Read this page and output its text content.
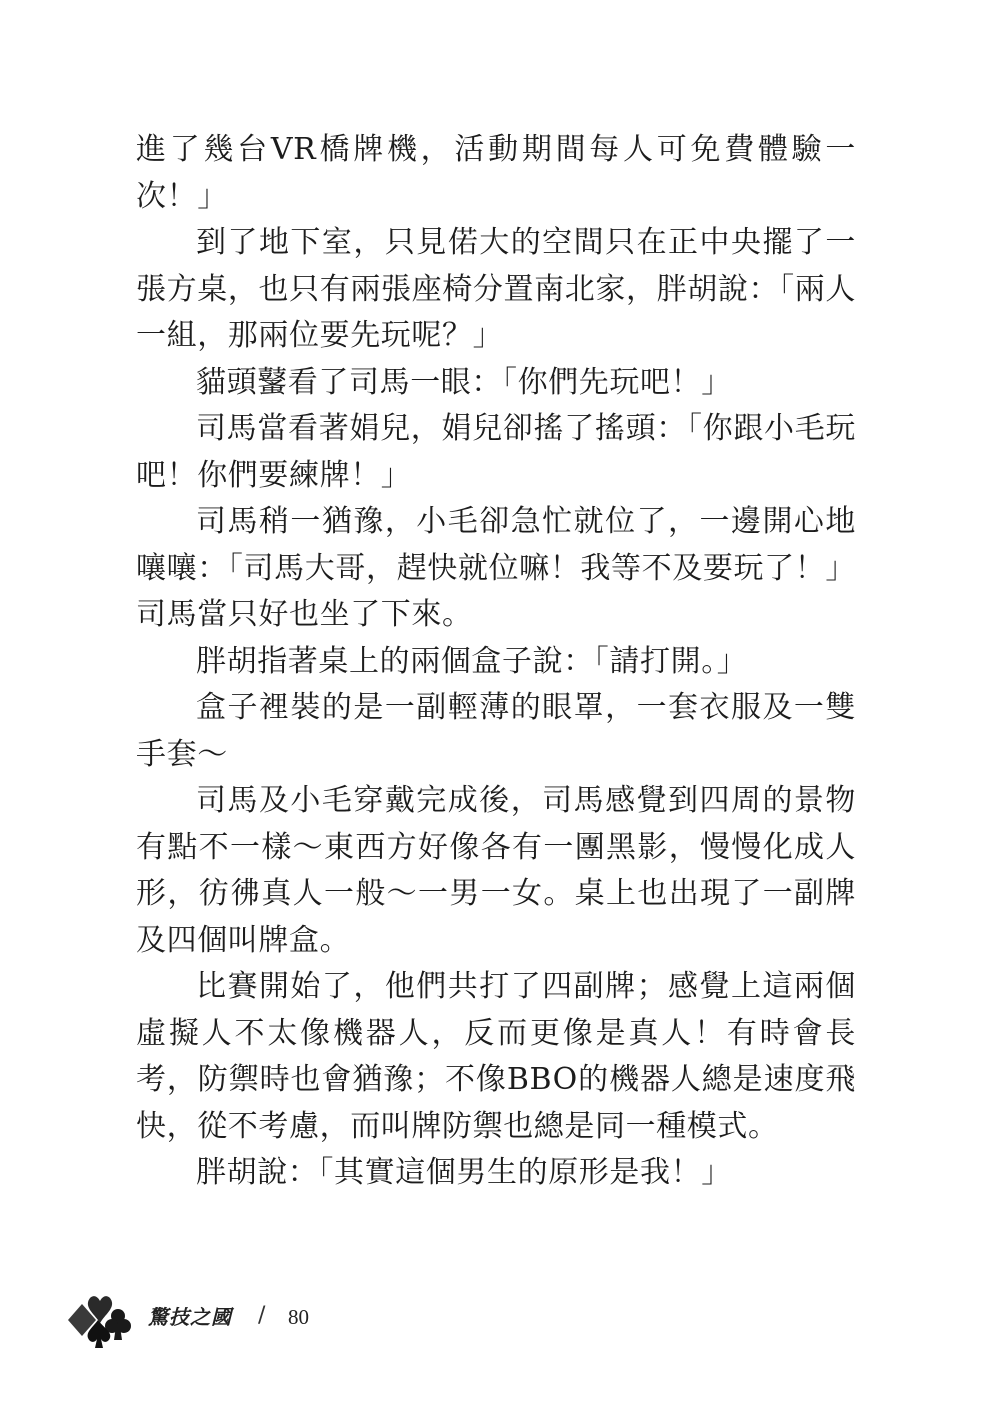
進了幾台VR橋牌機，活動期間每人可免費體驗一次！」

到了地下室，只見偌大的空間只在正中央擺了一張方桌，也只有兩張座椅分置南北家，胖胡說：「兩人一組，那兩位要先玩呢？」

貓頭鼜看了司馬一眼：「你們先玩吧！」

司馬當看著娟兒，娟兒卻搖了搖頭：「你跟小毛玩吧！你們要練牌！」

司馬稍一猶豫，小毛卻急忙就位了，一邊開心地嚷嚷：「司馬大哥，趕快就位嘛！我等不及要玩了！」司馬當只好也坐了下來。

胖胡指著桌上的兩個盒子說：「請打開。」

盒子裡裝的是一副輕薄的眼罩，一套衣服及一雙手套～

司馬及小毛穿戴完成後，司馬感覺到四周的景物有點不一樣～東西方好像各有一團黑影，慢慢化成人形，彷彿真人一般～一男一女。桌上也出現了一副牌及四個叫牌盒。

比賽開始了，他們共打了四副牌；感覺上這兩個虛擬人不太像機器人，反而更像是真人！有時會長考，防禦時也會猶豫；不像BBO的機器人總是速度飛快，從不考慮，而叫牌防禦也總是同一種模式。

胖胡說：「其實這個男生的原形是我！」

驚技之國 / 80
